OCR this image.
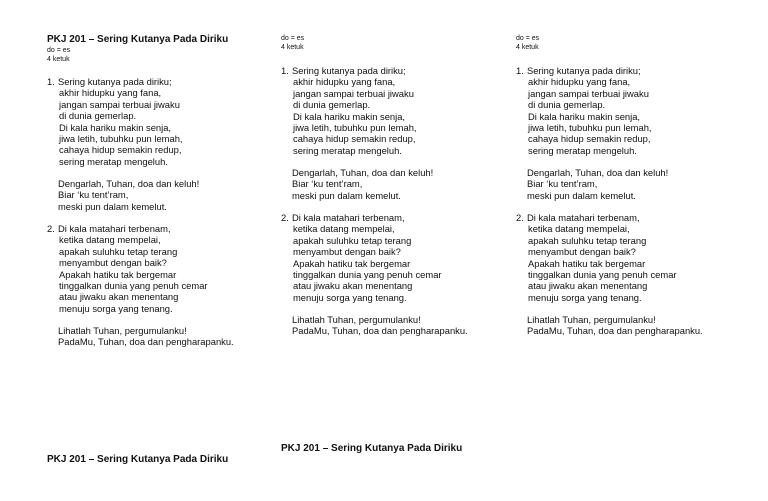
PKJ 201 – Sering Kutanya Pada Diriku
do = es
4 ketuk
1. Sering kutanya pada diriku;
akhir hidupku yang fana,
jangan sampai terbuai jiwaku
di dunia gemerlap.
Di kala hariku makin senja,
jiwa letih, tubuhku pun lemah,
cahaya hidup semakin redup,
sering meratap mengeluh.
Dengarlah, Tuhan, doa dan keluh!
Biar ‘ku tent’ram,
meski pun dalam kemelut.
2. Di kala matahari terbenam,
ketika datang mempelai,
apakah suluhku tetap terang
menyambut dengan baik?
Apakah hatiku tak bergemar
tinggalkan dunia yang penuh cemar
atau jiwaku akan menentang
menuju sorga yang tenang.
Lihatlah Tuhan, pergumulanku!
PadaMu, Tuhan, doa dan pengharapanku.
do = es
4 ketuk
1. Sering kutanya pada diriku;
akhir hidupku yang fana,
jangan sampai terbuai jiwaku
di dunia gemerlap.
Di kala hariku makin senja,
jiwa letih, tubuhku pun lemah,
cahaya hidup semakin redup,
sering meratap mengeluh.
Dengarlah, Tuhan, doa dan keluh!
Biar ‘ku tent’ram,
meski pun dalam kemelut.
2. Di kala matahari terbenam,
ketika datang mempelai,
apakah suluhku tetap terang
menyambut dengan baik?
Apakah hatiku tak bergemar
tinggalkan dunia yang penuh cemar
atau jiwaku akan menentang
menuju sorga yang tenang.
Lihatlah Tuhan, pergumulanku!
PadaMu, Tuhan, doa dan pengharapanku.
do = es
4 ketuk
1. Sering kutanya pada diriku;
akhir hidupku yang fana,
jangan sampai terbuai jiwaku
di dunia gemerlap.
Di kala hariku makin senja,
jiwa letih, tubuhku pun lemah,
cahaya hidup semakin redup,
sering meratap mengeluh.
Dengarlah, Tuhan, doa dan keluh!
Biar ‘ku tent’ram,
meski pun dalam kemelut.
2. Di kala matahari terbenam,
ketika datang mempelai,
apakah suluhku tetap terang
menyambut dengan baik?
Apakah hatiku tak bergemar
tinggalkan dunia yang penuh cemar
atau jiwaku akan menentang
menuju sorga yang tenang.
Lihatlah Tuhan, pergumulanku!
PadaMu, Tuhan, doa dan pengharapanku.
PKJ 201 – Sering Kutanya Pada Diriku
PKJ 201 – Sering Kutanya Pada Diriku
